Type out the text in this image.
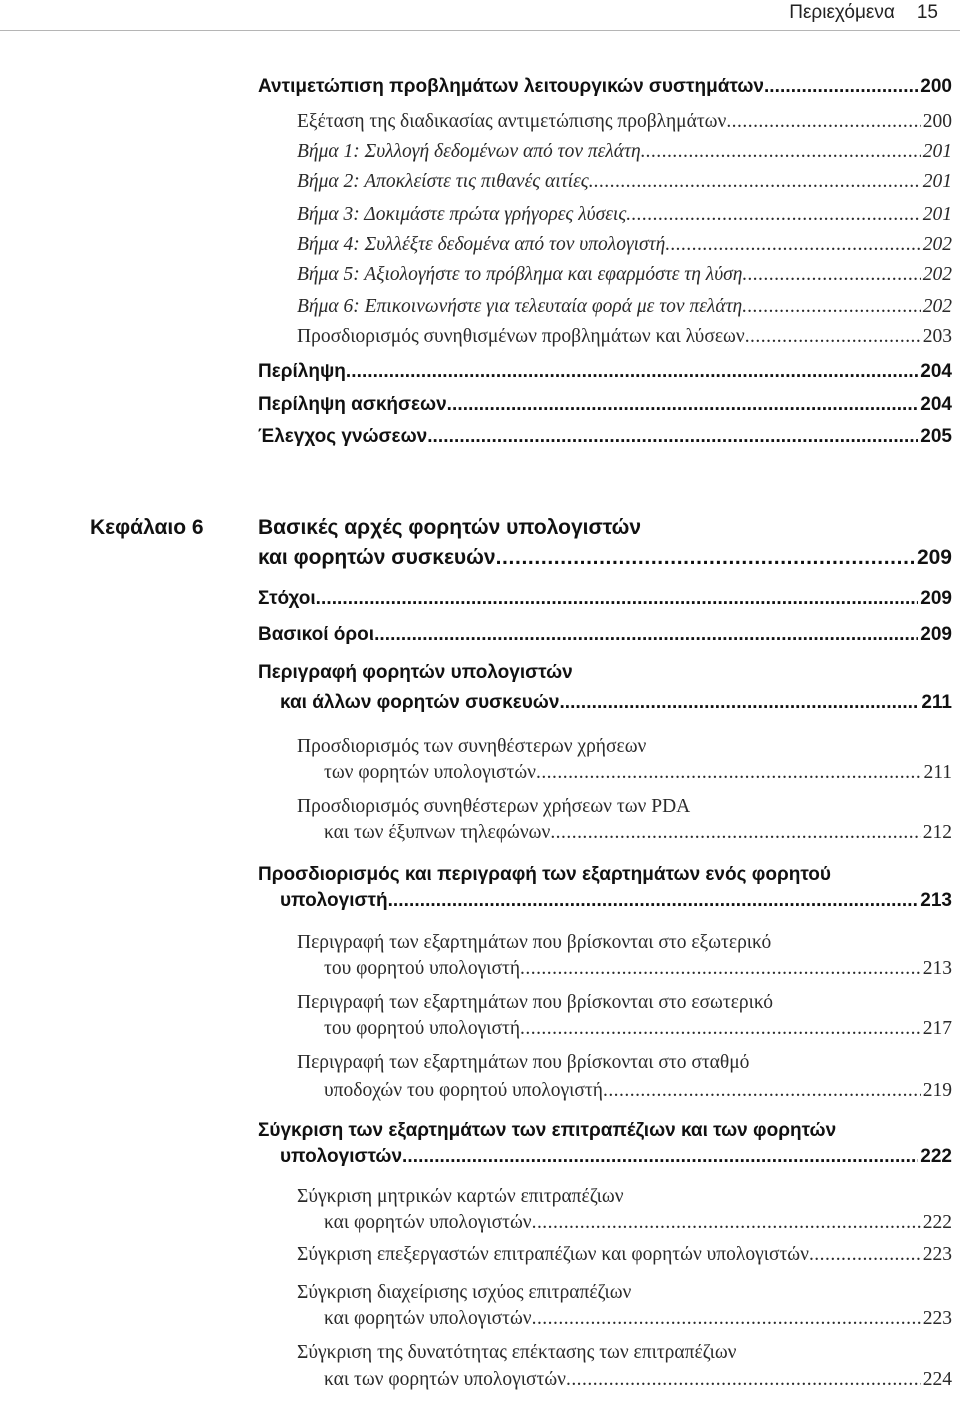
Περιεχόμενα 15
Αντιμετώπιση προβλημάτων λειτουργικών συστημάτων . . .	200
Εξέταση της διαδικασίας αντιμετώπισης προβλημάτων . . .	200
Βήμα 1: Συλλογή δεδομένων από τον πελάτη . . .	201
Βήμα 2: Αποκλείστε τις πιθανές αιτίες . . .	201
Βήμα 3: Δοκιμάστε πρώτα γρήγορες λύσεις . . .	201
Βήμα 4: Συλλέξτε δεδομένα από τον υπολογιστή . . .	202
Βήμα 5: Αξιολογήστε το πρόβλημα και εφαρμόστε τη λύση . . .	202
Βήμα 6: Επικοινωνήστε για τελευταία φορά με τον πελάτη . . .	202
Προσδιορισμός συνηθισμένων προβλημάτων και λύσεων . . .	203
Περίληψη . . .	204
Περίληψη ασκήσεων . . .	204
Έλεγχος γνώσεων . . .	205
Κεφάλαιο 6	Βασικές αρχές φορητών υπολογιστών
και φορητών συσκευών . . .	209
Στόχοι . . .	209
Βασικοί όροι . . .	209
Περιγραφή φορητών υπολογιστών
και άλλων φορητών συσκευών . . .	211
Προσδιορισμός των συνηθέστερων χρήσεων
των φορητών υπολογιστών . . .	211
Προσδιορισμός συνηθέστερων χρήσεων των PDA
και των έξυπνων τηλεφώνων . . .	212
Προσδιορισμός και περιγραφή των εξαρτημάτων ενός φορητού
υπολογιστή . . .	213
Περιγραφή των εξαρτημάτων που βρίσκονται στο εξωτερικό
του φορητού υπολογιστή . . .	213
Περιγραφή των εξαρτημάτων που βρίσκονται στο εσωτερικό
του φορητού υπολογιστή . . .	217
Περιγραφή των εξαρτημάτων που βρίσκονται στο σταθμό
υποδοχών του φορητού υπολογιστή . . .	219
Σύγκριση των εξαρτημάτων των επιτραπέζιων και των φορητών
υπολογιστών . . .	222
Σύγκριση μητρικών καρτών επιτραπέζιων
και φορητών υπολογιστών . . .	222
Σύγκριση επεξεργαστών επιτραπέζιων και φορητών υπολογιστών . . .	223
Σύγκριση διαχείρισης ισχύος επιτραπέζιων
και φορητών υπολογιστών . . .	223
Σύγκριση της δυνατότητας επέκτασης των επιτραπέζιων
και των φορητών υπολογιστών . . .	224
